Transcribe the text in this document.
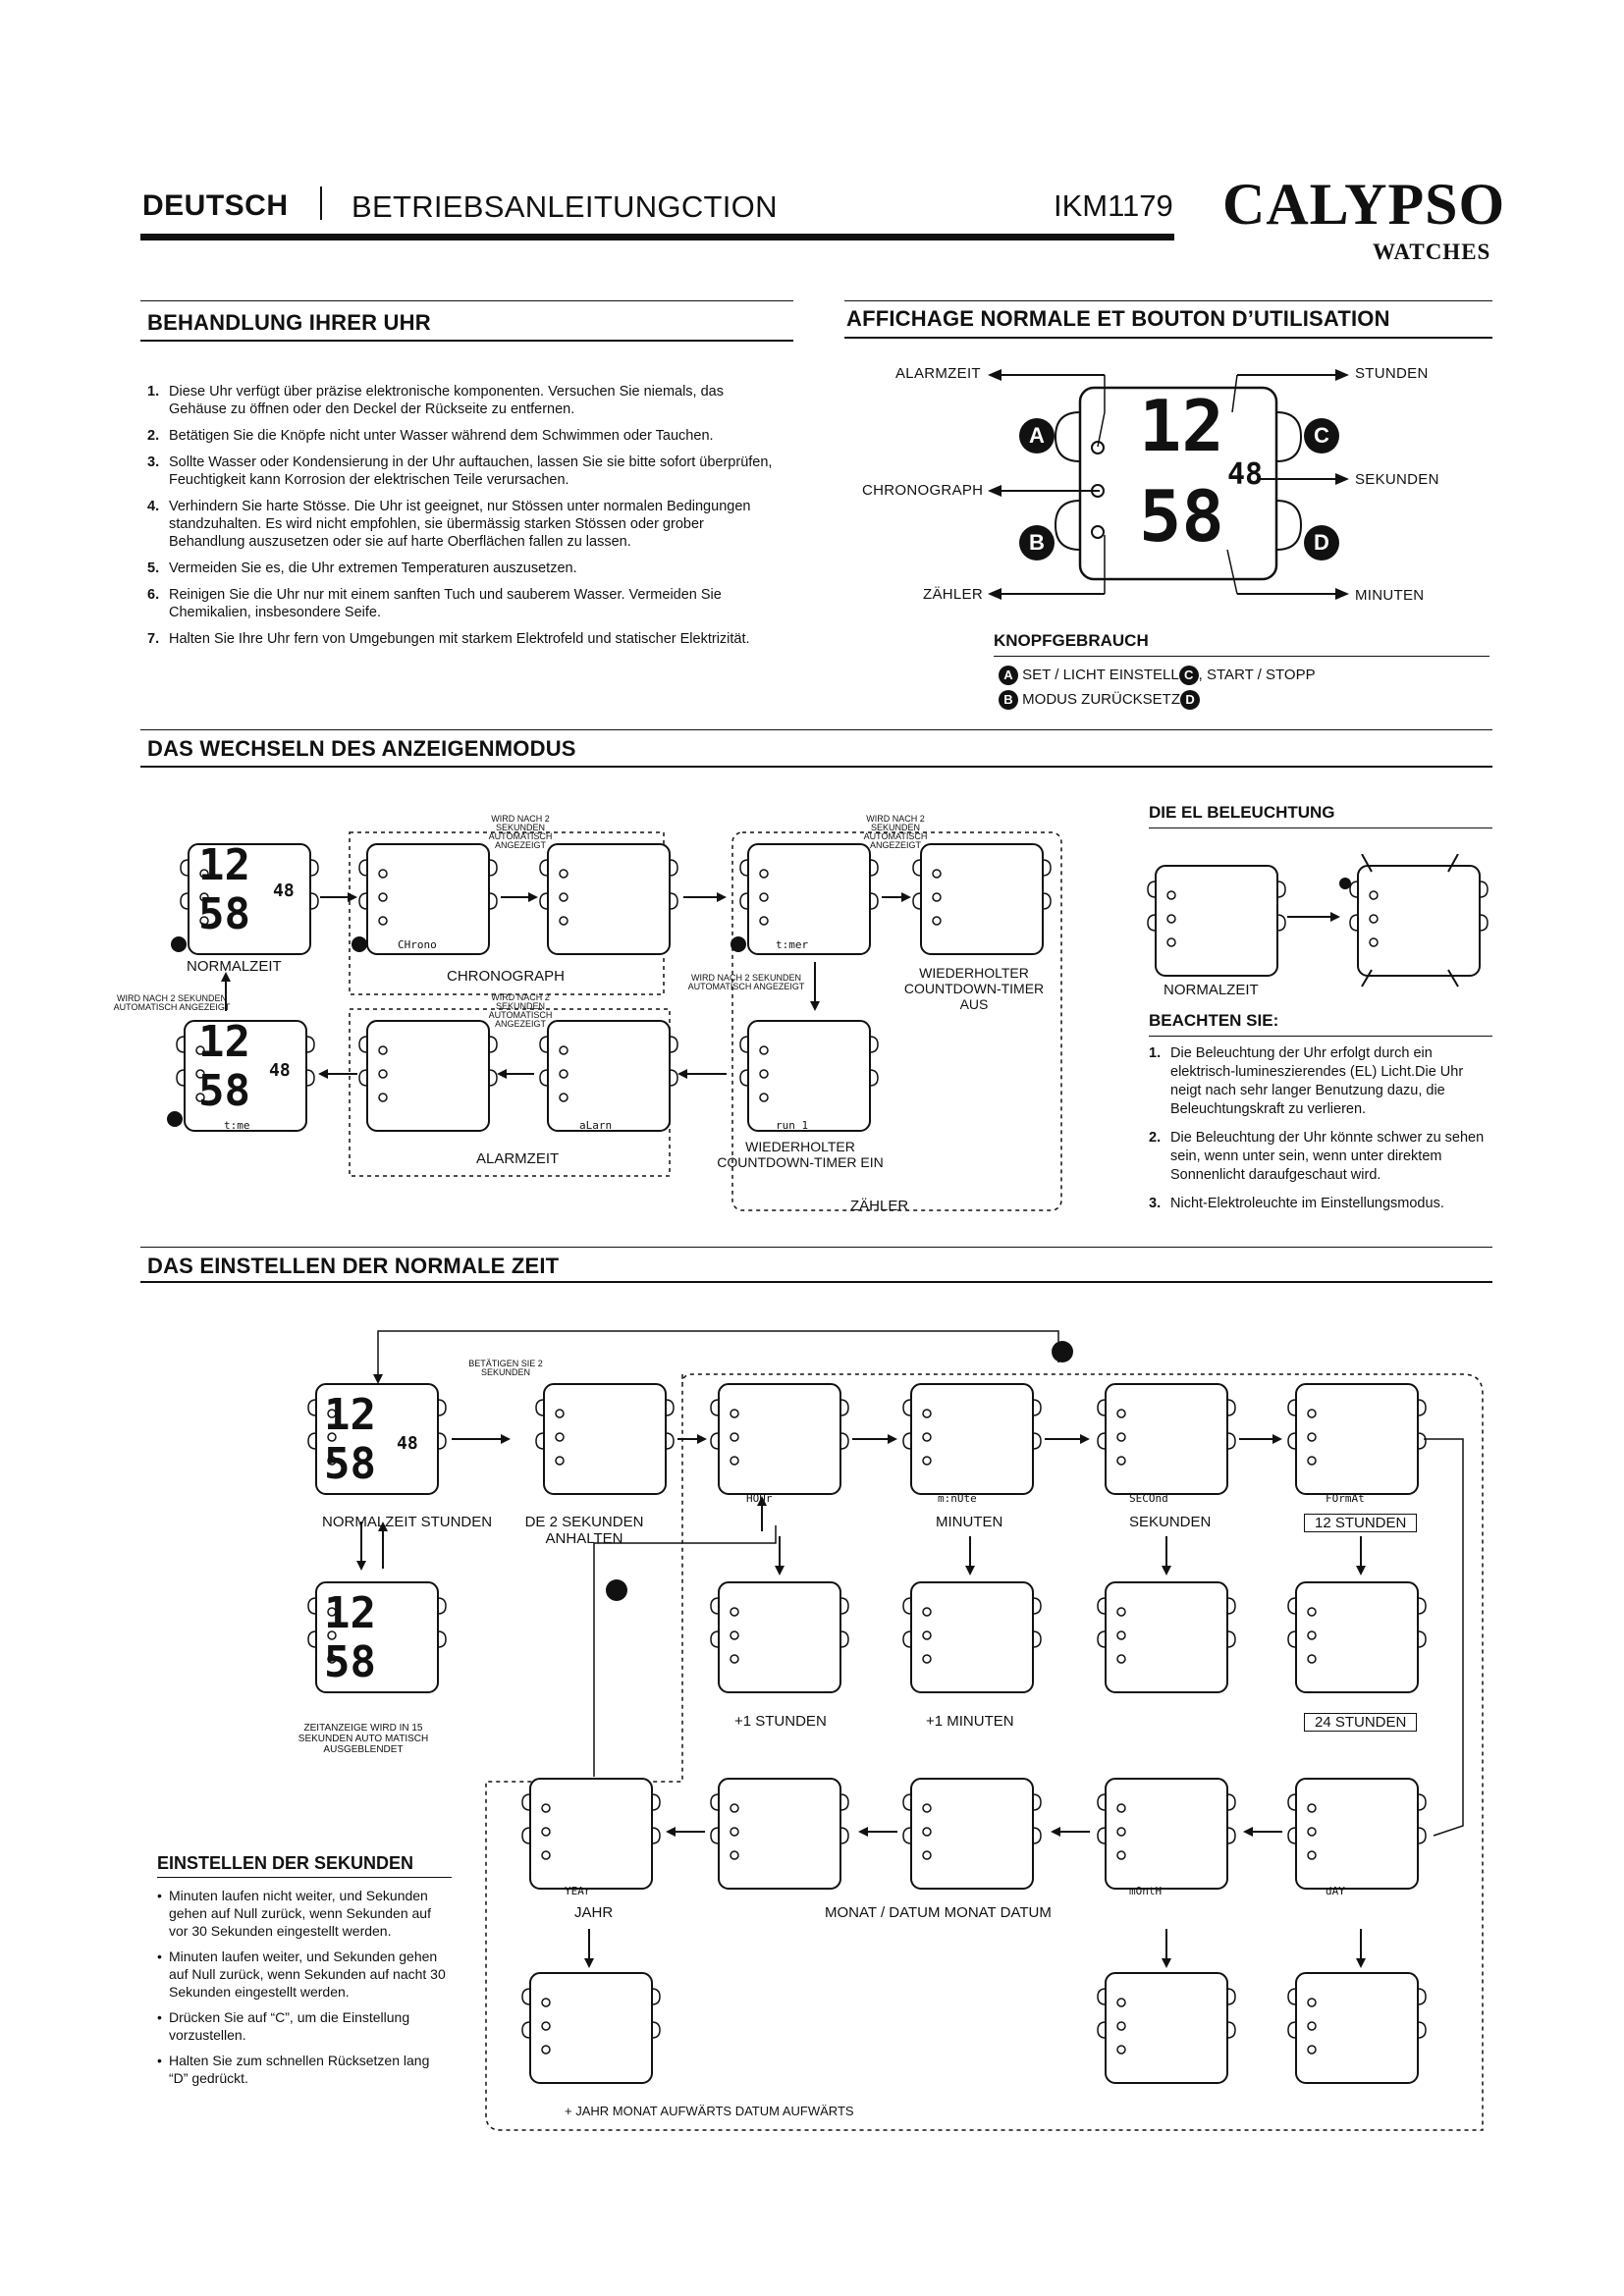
DEUTSCH BETRIEBSANLEITUNGCTION	IKM1179 CALYPSO
WATCHES
BEHANDLUNG IHRER UHR
1. Diese Uhr verfügt über präzise elektronische komponenten. Versuchen Sie niemals, das Gehäuse zu öffnen oder den Deckel der Rückseite zu entfernen.
2. Betätigen Sie die Knöpfe nicht unter Wasser während dem Schwimmen oder Tauchen.
3. Sollte Wasser oder Kondensierung in der Uhr auftauchen, lassen Sie sie bitte sofort überprüfen, Feuchtigkeit kann Korrosion der elektrischen Teile verursachen.
4. Verhindern Sie harte Stösse. Die Uhr ist geeignet, nur Stössen unter normalen Bedingungen standzuhalten. Es wird nicht empfohlen, sie übermässig starken Stössen oder grober Behandlung auszusetzen oder sie auf harte Oberflächen fallen zu lassen.
5. Vermeiden Sie es, die Uhr extremen Temperaturen auszusetzen.
6. Reinigen Sie die Uhr nur mit einem sanften Tuch und sauberem Wasser. Vermeiden Sie Chemikalien, insbesondere Seife.
7. Halten Sie Ihre Uhr fern von Umgebungen mit starkem Elektrofeld und statischer Elektrizität.
AFFICHAGE NORMALE ET BOUTON D’UTILISATION
ALARMZEIT
CHRONOGRAPH
ZÄHLER
STUNDEN
SEKUNDEN
MINUTEN
A
B
C
D
12
58
48
KNOPFGEBRAUCH
A SET / LICHT EINSTELL C , START / STOPP
B MODUS ZURÜCKSETZ D
DAS WECHSELN DES ANZEIGENMODUS
12
58 48
CHrono	t:mer
t:me	aLarn	run 1
12
58 48
WIRD NACH 2 SEKUNDEN AUTOMATISCH ANGEZEIGT
WIRD NACH 2 SEKUNDEN AUTOMATISCH ANGEZEIGT
WIRD NACH 2 SEKUNDEN AUTOMATISCH ANGEZEIGT
WIRD NACH 2 SEKUNDEN AUTOMATISCH ANGEZEIGT
WIRD NACH 2 SEKUNDEN AUTOMATISCH ANGEZEIGT
NORMALZEIT
CHRONOGRAPH	WIEDERHOLTER COUNTDOWN-TIMER AUS
WIEDERHOLTER COUNTDOWN-TIMER EIN
ALARMZEIT
ZÄHLER
DIE EL BELEUCHTUNG
NORMALZEIT
BEACHTEN SIE:
1. Die Beleuchtung der Uhr erfolgt durch ein elektrisch-lumineszierendes (EL) Licht.Die Uhr neigt nach sehr langer Benutzung dazu, die Beleuchtungskraft zu verlieren.
2. Die Beleuchtung der Uhr könnte schwer zu sehen sein, wenn unter sein, wenn unter direktem Sonnenlicht daraufgeschaut wird.
3. Nicht-Elektroleuchte im Einstellungsmodus.
DAS EINSTELLEN DER NORMALE ZEIT
12
58 48
12
58
HOUr	m:nUte	SECOnd	FOrmAt
YEAr	mOntH	dAY
BETÄTIGEN SIE 2 SEKUNDEN
NORMALZEIT STUNDEN	DE 2 SEKUNDEN ANHALTEN
MINUTEN	SEKUNDEN	12 STUNDEN
+1 STUNDEN	+1 MINUTEN	24 STUNDEN
ZEITANZEIGE WIRD IN 15 SEKUNDEN AUTO MATISCH AUSGEBLENDET
JAHR	MONAT / DATUM MONAT DATUM
+ JAHR MONAT AUFWÄRTS DATUM AUFWÄRTS
EINSTELLEN DER SEKUNDEN
• Minuten laufen nicht weiter, und Sekunden gehen auf Null zurück, wenn Sekunden auf vor 30 Sekunden eingestellt werden.
• Minuten laufen weiter, und Sekunden gehen auf Null zurück, wenn Sekunden auf nacht 30 Sekunden eingestellt werden.
• Drücken Sie auf “C”, um die Einstellung vorzustellen.
• Halten Sie zum schnellen Rücksetzen lang “D” gedrückt.
